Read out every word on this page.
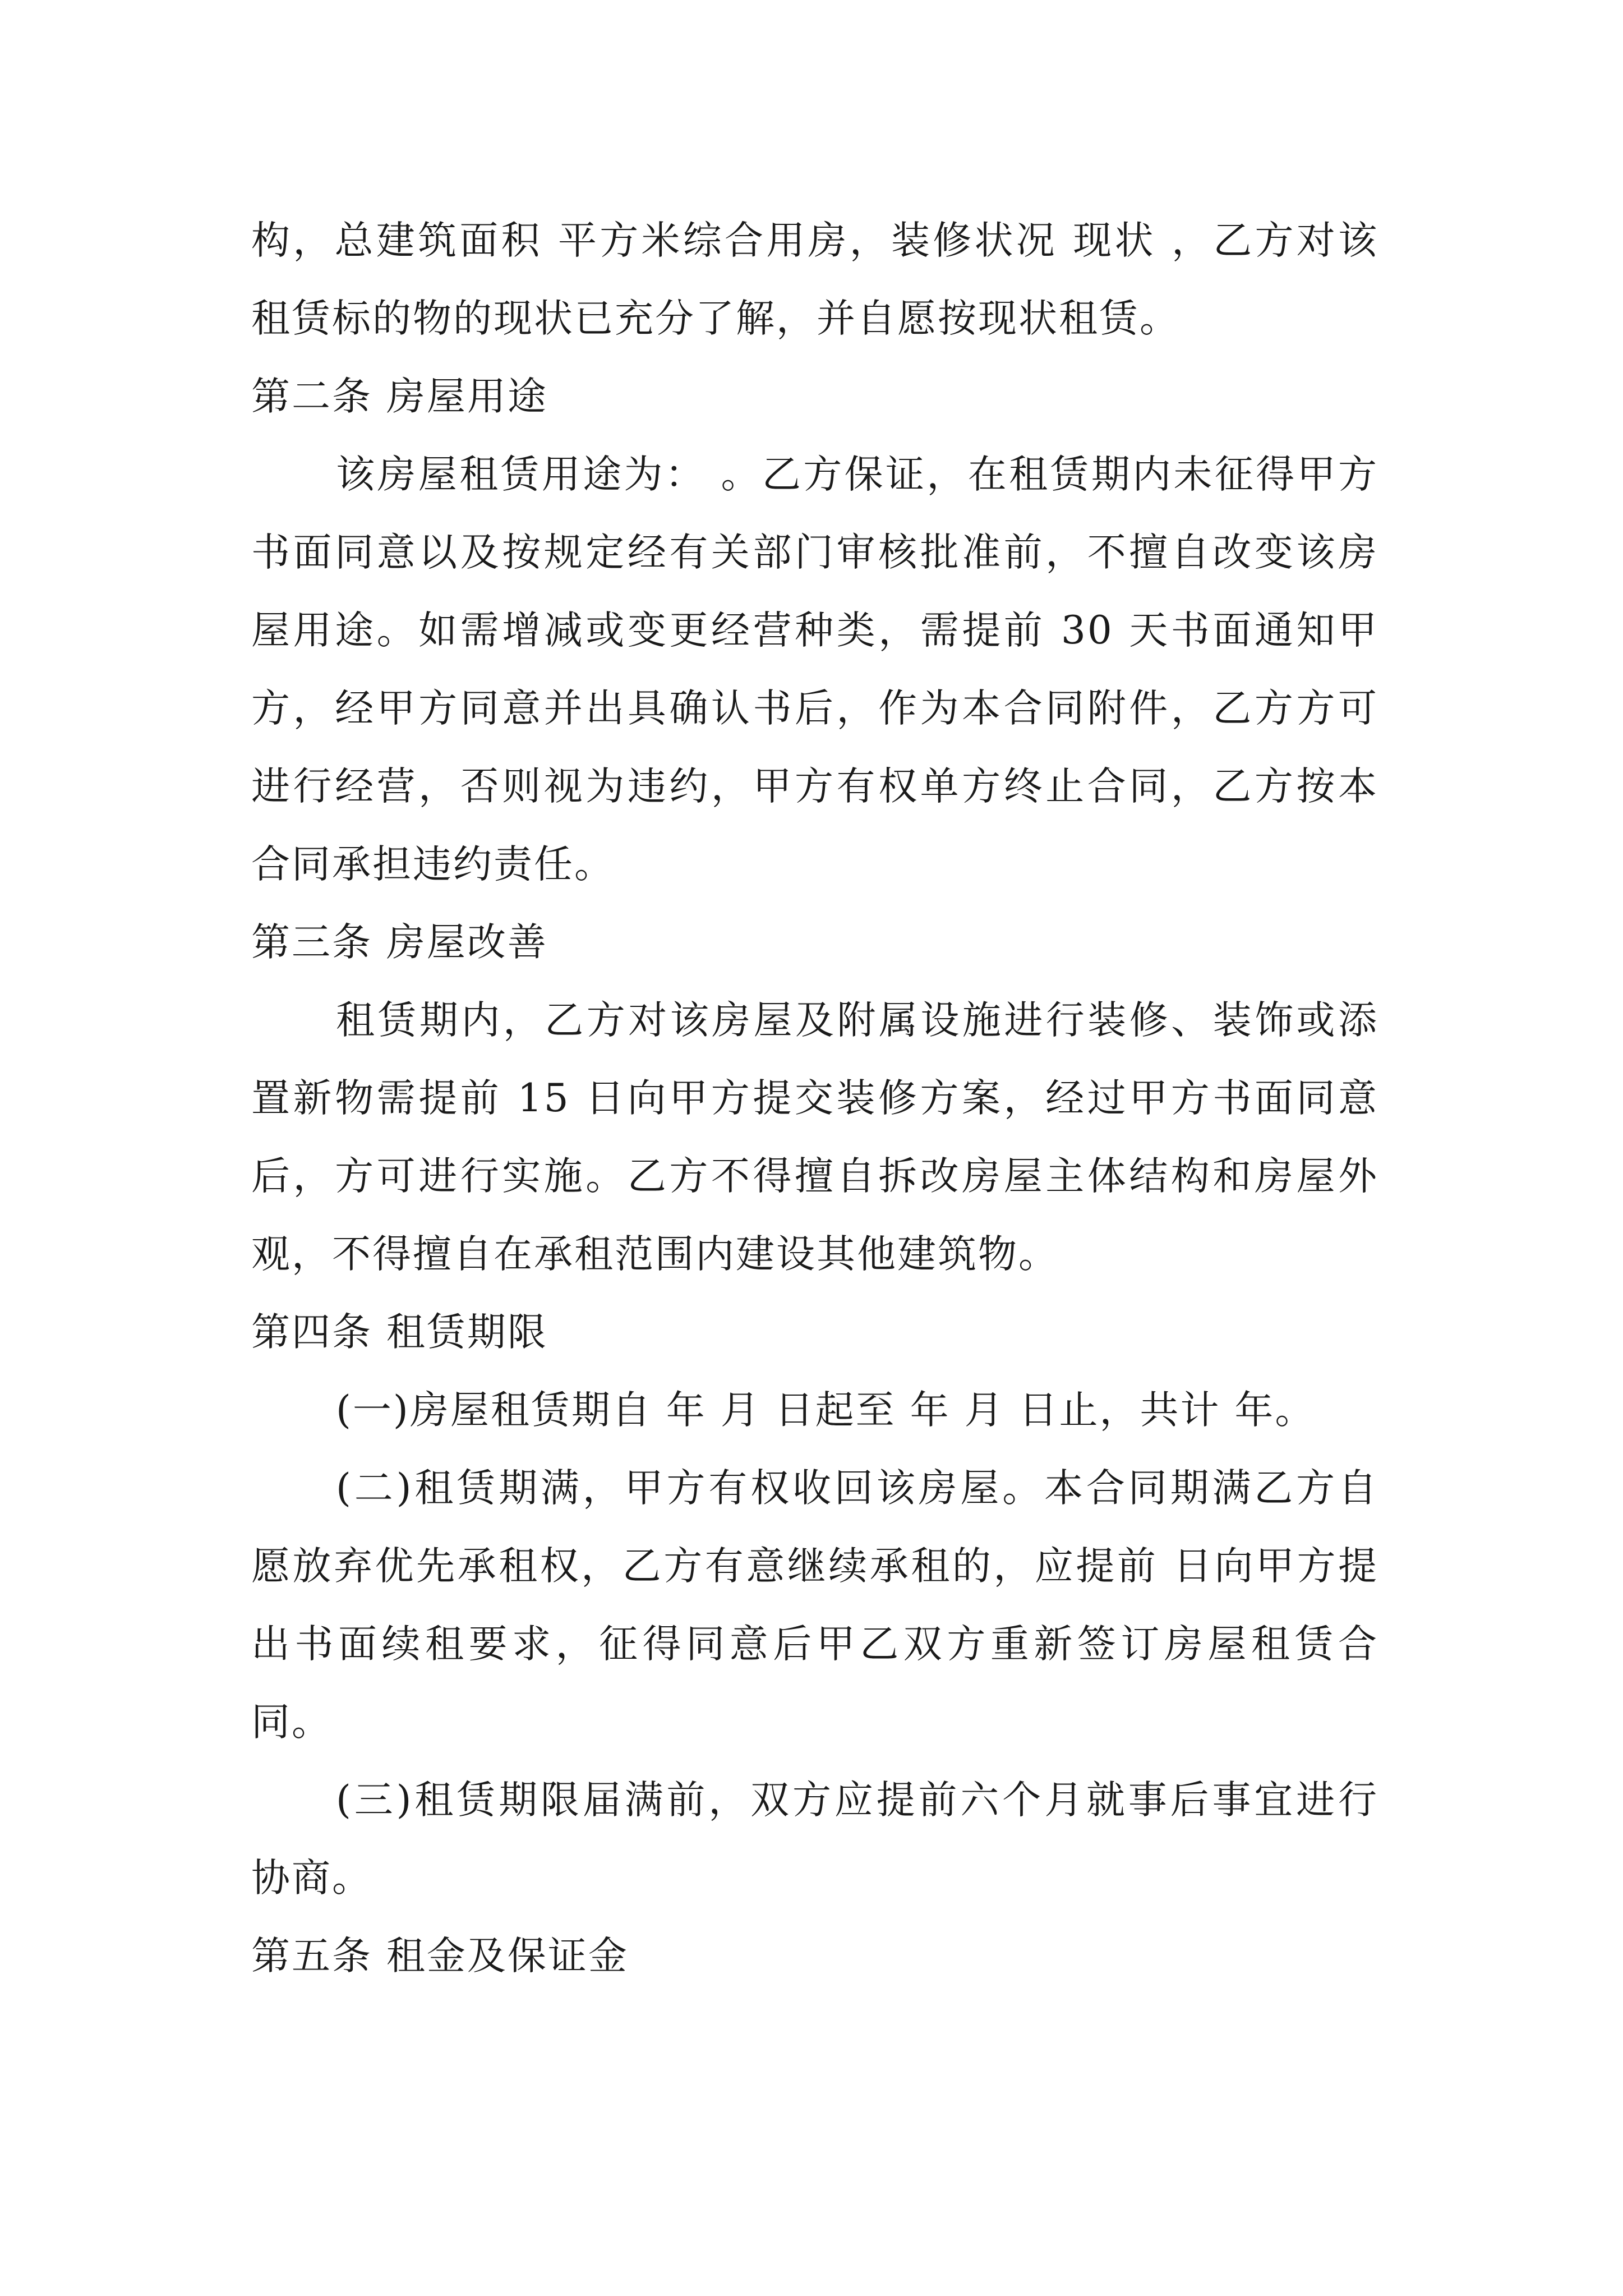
构，总建筑面积 平方米综合用房，装修状况 现状 ，乙方对该租赁标的物的现状已充分了解，并自愿按现状租赁。

第二条 房屋用途

该房屋租赁用途为： 。乙方保证，在租赁期内未征得甲方书面同意以及按规定经有关部门审核批准前，不擅自改变该房屋用途。如需增减或变更经营种类，需提前 30 天书面通知甲方，经甲方同意并出具确认书后，作为本合同附件，乙方方可进行经营，否则视为违约，甲方有权单方终止合同，乙方按本合同承担违约责任。

第三条 房屋改善

租赁期内，乙方对该房屋及附属设施进行装修、装饰或添置新物需提前 15 日向甲方提交装修方案，经过甲方书面同意后，方可进行实施。乙方不得擅自拆改房屋主体结构和房屋外观，不得擅自在承租范围内建设其他建筑物。

第四条 租赁期限

(一)房屋租赁期自 年 月 日起至 年 月 日止，共计 年。

(二)租赁期满，甲方有权收回该房屋。本合同期满乙方自愿放弃优先承租权，乙方有意继续承租的，应提前 日向甲方提出书面续租要求，征得同意后甲乙双方重新签订房屋租赁合同。

(三)租赁期限届满前，双方应提前六个月就事后事宜进行协商。

第五条 租金及保证金
